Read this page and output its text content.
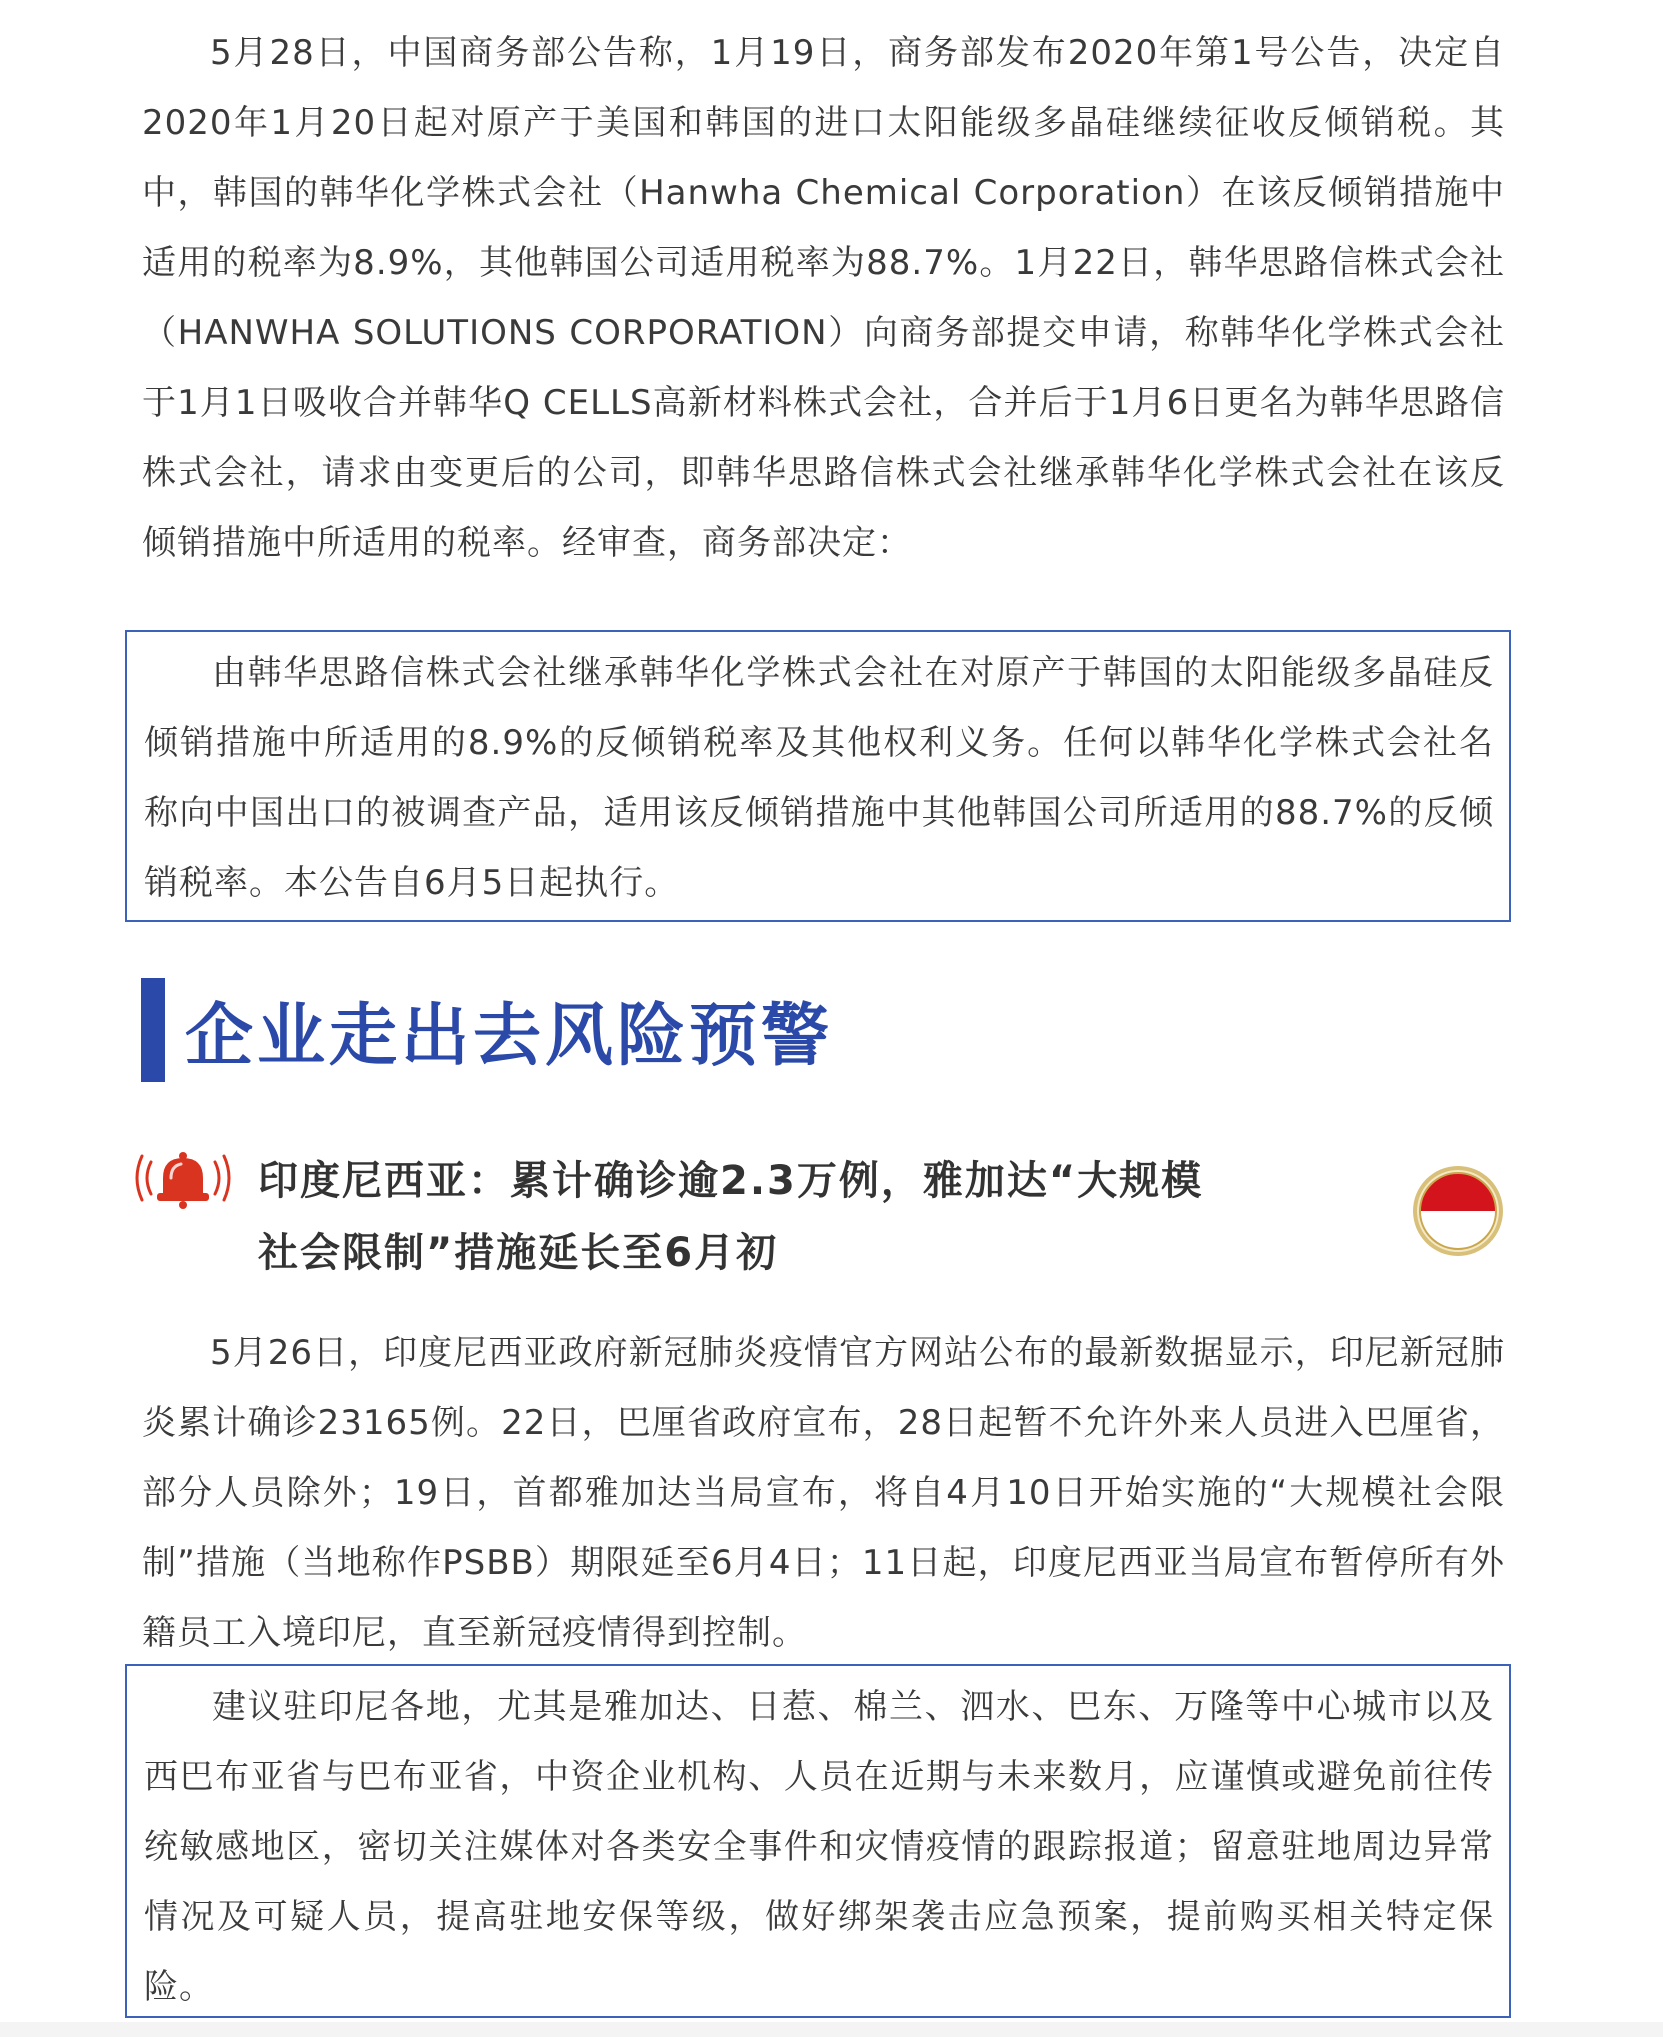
5月28日，中国商务部公告称，1月19日，商务部发布2020年第1号公告，决定自2020年1月20日起对原产于美国和韩国的进口太阳能级多晶硅继续征收反倾销税。其中，韩国的韩华化学株式会社（Hanwha Chemical Corporation）在该反倾销措施中适用的税率为8.9%，其他韩国公司适用税率为88.7%。1月22日，韩华思路信株式会社（HANWHA SOLUTIONS CORPORATION）向商务部提交申请，称韩华化学株式会社于1月1日吸收合并韩华Q CELLS高新材料株式会社，合并后于1月6日更名为韩华思路信株式会社，请求由变更后的公司，即韩华思路信株式会社继承韩华化学株式会社在该反倾销措施中所适用的税率。经审查，商务部决定：

由韩华思路信株式会社继承韩华化学株式会社在对原产于韩国的太阳能级多晶硅反倾销措施中所适用的8.9%的反倾销税率及其他权利义务。任何以韩华化学株式会社名称向中国出口的被调查产品，适用该反倾销措施中其他韩国公司所适用的88.7%的反倾销税率。本公告自6月5日起执行。

企业走出去风险预警

印度尼西亚：累计确诊逾2.3万例，雅加达“大规模
社会限制”措施延长至6月初

5月26日，印度尼西亚政府新冠肺炎疫情官方网站公布的最新数据显示，印尼新冠肺炎累计确诊23165例。22日，巴厘省政府宣布，28日起暂不允许外来人员进入巴厘省，部分人员除外；19日，首都雅加达当局宣布，将自4月10日开始实施的“大规模社会限制”措施（当地称作PSBB）期限延至6月4日；11日起，印度尼西亚当局宣布暂停所有外籍员工入境印尼，直至新冠疫情得到控制。

建议驻印尼各地，尤其是雅加达、日惹、棉兰、泗水、巴东、万隆等中心城市以及西巴布亚省与巴布亚省，中资企业机构、人员在近期与未来数月，应谨慎或避免前往传统敏感地区，密切关注媒体对各类安全事件和灾情疫情的跟踪报道；留意驻地周边异常情况及可疑人员，提高驻地安保等级，做好绑架袭击应急预案，提前购买相关特定保险。
